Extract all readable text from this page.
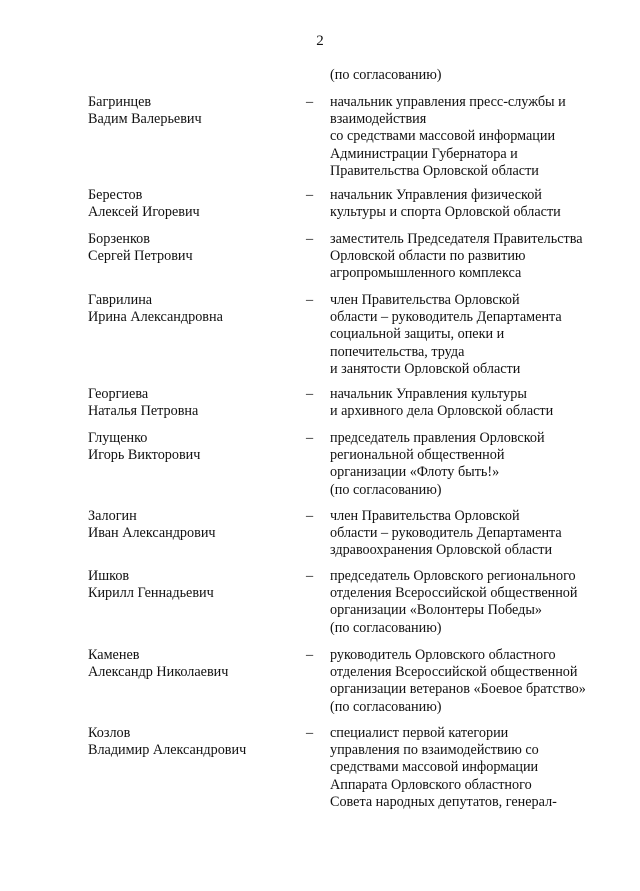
2
(по согласованию)
Багринцев
Вадим Валерьевич
– начальник управления пресс-службы и
взаимодействия
со средствами массовой информации
Администрации Губернатора и
Правительства Орловской области
Берестов
Алексей Игоревич
– начальник Управления физической
культуры и спорта Орловской области
Борзенков
Сергей Петрович
– заместитель Председателя Правительства
Орловской области по развитию
агропромышленного комплекса
Гаврилина
Ирина Александровна
– член Правительства Орловской
области – руководитель Департамента
социальной защиты, опеки и
попечительства, труда
и занятости Орловской области
Георгиева
Наталья Петровна
– начальник Управления культуры
и архивного дела Орловской области
Глущенко
Игорь Викторович
– председатель правления Орловской
региональной общественной
организации «Флоту быть!»
(по согласованию)
Залогин
Иван Александрович
– член Правительства Орловской
области – руководитель Департамента
здравоохранения Орловской области
Ишков
Кирилл Геннадьевич
– председатель Орловского регионального
отделения Всероссийской общественной
организации «Волонтеры Победы»
(по согласованию)
Каменев
Александр Николаевич
– руководитель Орловского областного
отделения Всероссийской общественной
организации ветеранов «Боевое братство»
(по согласованию)
Козлов
Владимир Александрович
– специалист первой категории
управления по взаимодействию со
средствами массовой информации
Аппарата Орловского областного
Совета народных депутатов, генерал-
